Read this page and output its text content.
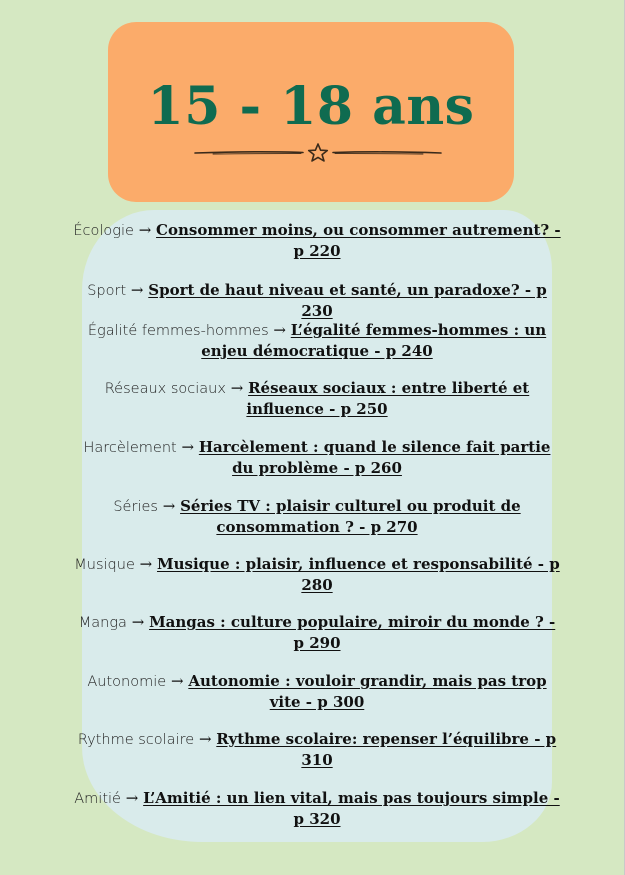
15 - 18 ans
Écologie → Consommer moins, ou consommer autrement? - p 220
Sport → Sport de haut niveau et santé, un paradoxe? - p 230
Égalité femmes-hommes → L’égalité femmes-hommes : un enjeu démocratique - p 240
Réseaux sociaux → Réseaux sociaux : entre liberté et influence - p 250
Harcèlement → Harcèlement : quand le silence fait partie du problème - p 260
Séries → Séries TV : plaisir culturel ou produit de consommation ? - p 270
Musique → Musique : plaisir, influence et responsabilité - p 280
Manga → Mangas : culture populaire, miroir du monde ? - p 290
Autonomie → Autonomie : vouloir grandir, mais pas trop vite - p 300
Rythme scolaire → Rythme scolaire: repenser l’équilibre - p 310
Amitié → L’Amitié : un lien vital, mais pas toujours simple - p 320
